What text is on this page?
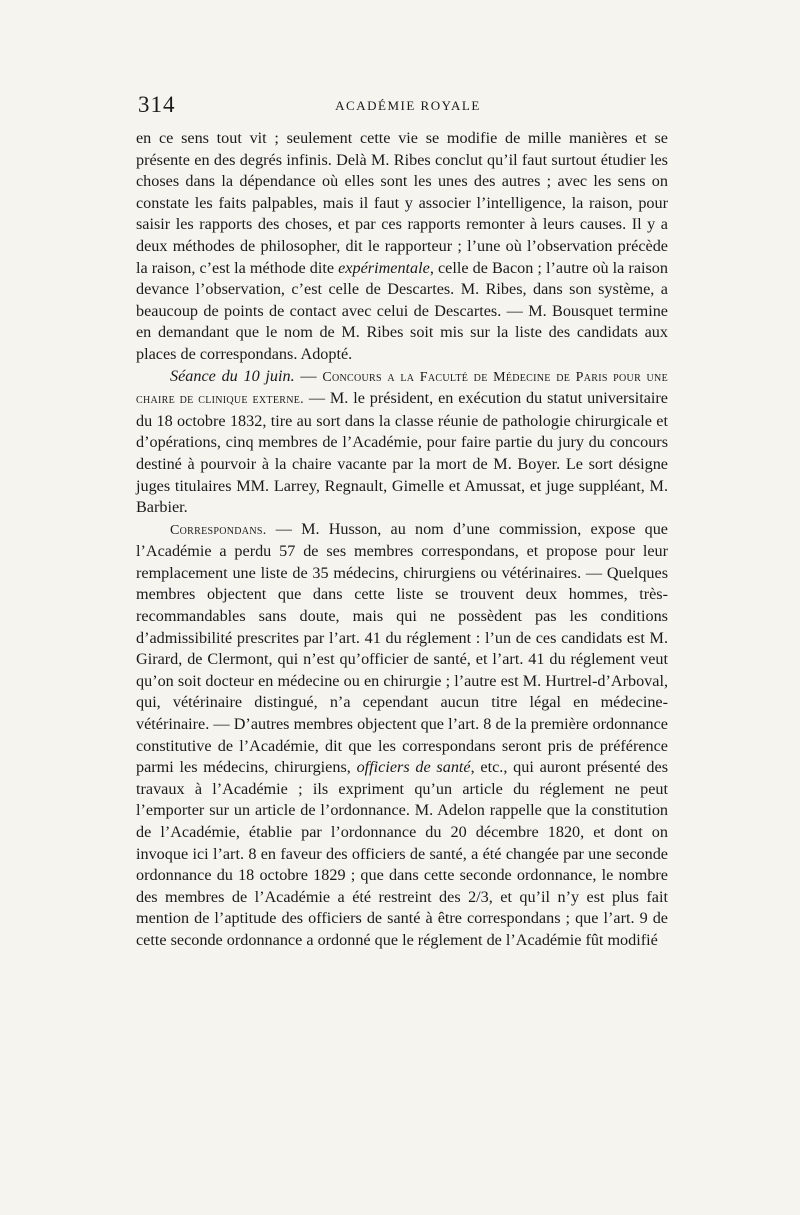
314	ACADÉMIE ROYALE

en ce sens tout vit ; seulement cette vie se modifie de mille manières et se présente en des degrés infinis. Delà M. Ribes conclut qu’il faut surtout étudier les choses dans la dépendance où elles sont les unes des autres ; avec les sens on constate les faits palpables, mais il faut y associer l’intelligence, la raison, pour saisir les rapports des choses, et par ces rapports remonter à leurs causes. Il y a deux méthodes de philosopher, dit le rapporteur ; l’une où l’observation précède la raison, c’est la méthode dite expérimentale, celle de Bacon ; l’autre où la raison devance l’observation, c’est celle de Descartes. M. Ribes, dans son système, a beaucoup de points de contact avec celui de Descartes. — M. Bousquet termine en demandant que le nom de M. Ribes soit mis sur la liste des candidats aux places de correspondans. Adopté.

Séance du 10 juin. — Concours a la Faculté de Médecine de Paris pour une chaire de clinique externe. — M. le président, en exécution du statut universitaire du 18 octobre 1832, tire au sort dans la classe réunie de pathologie chirurgicale et d’opérations, cinq membres de l’Académie, pour faire partie du jury du concours destiné à pourvoir à la chaire vacante par la mort de M. Boyer. Le sort désigne juges titulaires MM. Larrey, Regnault, Gimelle et Amussat, et juge suppléant, M. Barbier.

Correspondans. — M. Husson, au nom d’une commission, expose que l’Académie a perdu 57 de ses membres correspondans, et propose pour leur remplacement une liste de 35 médecins, chirurgiens ou vétérinaires. — Quelques membres objectent que dans cette liste se trouvent deux hommes, très-recommandables sans doute, mais qui ne possèdent pas les conditions d’admissibilité prescrites par l’art. 41 du réglement : l’un de ces candidats est M. Girard, de Clermont, qui n’est qu’officier de santé, et l’art. 41 du réglement veut qu’on soit docteur en médecine ou en chirurgie ; l’autre est M. Hurtrel-d’Arboval, qui, vétérinaire distingué, n’a cependant aucun titre légal en médecine-vétérinaire. — D’autres membres objectent que l’art. 8 de la première ordonnance constitutive de l’Académie, dit que les correspondans seront pris de préférence parmi les médecins, chirurgiens, officiers de santé, etc., qui auront présenté des travaux à l’Académie ; ils expriment qu’un article du réglement ne peut l’emporter sur un article de l’ordonnance. M. Adelon rappelle que la constitution de l’Académie, établie par l’ordonnance du 20 décembre 1820, et dont on invoque ici l’art. 8 en faveur des officiers de santé, a été changée par une seconde ordonnance du 18 octobre 1829 ; que dans cette seconde ordonnance, le nombre des membres de l’Académie a été restreint des 2/3, et qu’il n’y est plus fait mention de l’aptitude des officiers de santé à être correspondans ; que l’art. 9 de cette seconde ordonnance a ordonné que le réglement de l’Académie fût modifié
